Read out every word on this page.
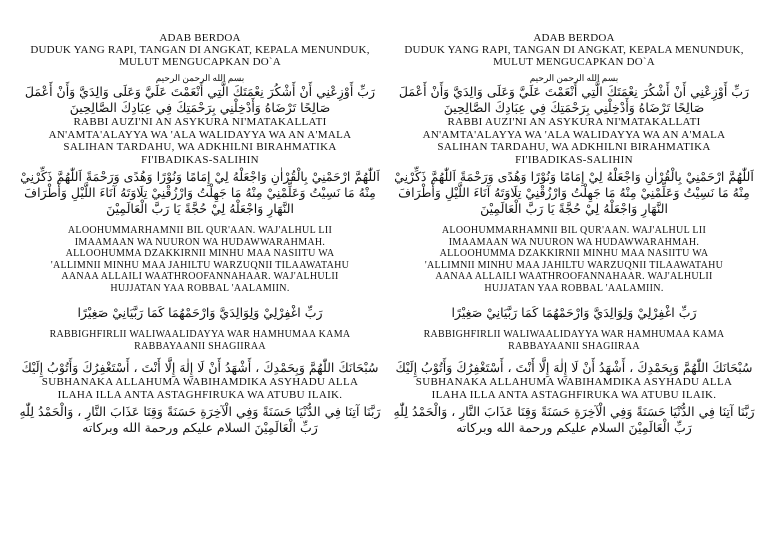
ADAB BERDOA
DUDUK YANG RAPI, TANGAN DI ANGKAT, KEPALA MENUNDUK,
MULUT MENGUCAPKAN DO`A
بسم الله الرحمن الرحيم
رَبِّ أَوْزِعْنِي أَنْ أَشْكُرَ نِعْمَتَكَ الَّتِي أَنْعَمْتَ عَلَيَّ وَعَلَى وَالِدَيَّ وَأَنْ أَعْمَلَ
صَالِحًا تَرْضَاهُ وَأَدْخِلْنِي بِرَحْمَتِكَ فِي عِبَادِكَ الصَّالِحِينَ
RABBI AUZI'NI AN ASYKURA NI'MATAKALLATI
AN'AMTA'ALAYYA WA 'ALA WALIDAYYA WA AN A'MALA
SALIHAN TARDAHU, WA ADKHILNI BIRAHMATIKA
FI'IBADIKAS-SALIHIN
اَللّٰهُمَّ ارْحَمْنِيْ بِالْقُرْاٰنِ وَاجْعَلْهُ لِيْ إِمَامًا وَنُوْرًا وَهُدًى وَرَحْمَةً اَللّٰهُمَّ ذَكِّرْنِيْ
مِنْهُ مَا نَسِيْتُ وَعَلِّمْنِيْ مِنْهُ مَا جَهِلْتُ وَارْزُقْنِيْ تِلَاوَتَهُ آنَاءَ اللَّيْلِ وَأَطْرَافَ
النَّهَارِ وَاجْعَلْهُ لِيْ حُجَّةً يَا رَبَّ الْعَالَمِيْنَ
ALOOHUMMARHAMNII BIL QUR'AAN. WAJ'ALHUL LII
IMAAMAAN WA NUURON WA HUDAWWARAHMAH.
ALLOOHUMMA DZAKKIRNII MINHU MAA NASIITU WA
'ALLIMNII MINHU MAA JAHILTU WARZUQNII TILAAWATAHU
AANAA ALLAILI WAATHROOFANNAHAAR. WAJ'ALHULII
HUJJATAN YAA ROBBAL 'AALAMIIN.
رَبِّ اغْفِرْلِيْ وَلِوَالِدَيَّ وَارْحَمْهُمَا كَمَا رَبَّيَانِيْ صَغِيْرًا
RABBIGHFIRLII WALIWAALIDAYYA WAR HAMHUMAA KAMA
RABBAYAANII SHAGIIRAA
سُبْحَانَكَ اللّٰهُمَّ وَبِحَمْدِكَ ، أَشْهَدُ أَنْ لَا إِلٰهَ إِلَّا أَنْتَ ، أَسْتَغْفِرُكَ وَأَتُوْبُ إِلَيْكَ
SUBHANAKA ALLAHUMA WABIHAMDIKA ASYHADU ALLA
ILAHA ILLA ANTA ASTAGHFIRUKA WA ATUBU ILAIK.
رَبَّنَا آتِنَا فِي الدُّنْيَا حَسَنَةً وَفِي الْآخِرَةِ حَسَنَةً وَقِنَا عَذَابَ النَّارِ ، وَالْحَمْدُ لِلّٰهِ
رَبِّ الْعَالَمِيْنَ السلام عليكم ورحمة الله وبركاته
ADAB BERDOA
DUDUK YANG RAPI, TANGAN DI ANGKAT, KEPALA MENUNDUK,
MULUT MENGUCAPKAN DO`A
بسم الله الرحمن الرحيم
رَبِّ أَوْزِعْنِي أَنْ أَشْكُرَ نِعْمَتَكَ الَّتِي أَنْعَمْتَ عَلَيَّ وَعَلَى وَالِدَيَّ وَأَنْ أَعْمَلَ
صَالِحًا تَرْضَاهُ وَأَدْخِلْنِي بِرَحْمَتِكَ فِي عِبَادِكَ الصَّالِحِينَ
RABBI AUZI'NI AN ASYKURA NI'MATAKALLATI
AN'AMTA'ALAYYA WA 'ALA WALIDAYYA WA AN A'MALA
SALIHAN TARDAHU, WA ADKHILNI BIRAHMATIKA
FI'IBADIKAS-SALIHIN
اَللّٰهُمَّ ارْحَمْنِيْ بِالْقُرْاٰنِ وَاجْعَلْهُ لِيْ إِمَامًا وَنُوْرًا وَهُدًى وَرَحْمَةً اَللّٰهُمَّ ذَكِّرْنِيْ
مِنْهُ مَا نَسِيْتُ وَعَلِّمْنِيْ مِنْهُ مَا جَهِلْتُ وَارْزُقْنِيْ تِلَاوَتَهُ آنَاءَ اللَّيْلِ وَأَطْرَافَ
النَّهَارِ وَاجْعَلْهُ لِيْ حُجَّةً يَا رَبَّ الْعَالَمِيْنَ
ALOOHUMMARHAMNII BIL QUR'AAN. WAJ'ALHUL LII
IMAAMAAN WA NUURON WA HUDAWWARAHMAH.
ALLOOHUMMA DZAKKIRNII MINHU MAA NASIITU WA
'ALLIMNII MINHU MAA JAHILTU WARZUQNII TILAAWATAHU
AANAA ALLAILI WAATHROOFANNAHAAR. WAJ'ALHULII
HUJJATAN YAA ROBBAL 'AALAMIIN.
رَبِّ اغْفِرْلِيْ وَلِوَالِدَيَّ وَارْحَمْهُمَا كَمَا رَبَّيَانِيْ صَغِيْرًا
RABBIGHFIRLII WALIWAALIDAYYA WAR HAMHUMAA KAMA
RABBAYAANII SHAGIIRAA
سُبْحَانَكَ اللّٰهُمَّ وَبِحَمْدِكَ ، أَشْهَدُ أَنْ لَا إِلٰهَ إِلَّا أَنْتَ ، أَسْتَغْفِرُكَ وَأَتُوْبُ إِلَيْكَ
SUBHANAKA ALLAHUMA WABIHAMDIKA ASYHADU ALLA
ILAHA ILLA ANTA ASTAGHFIRUKA WA ATUBU ILAIK.
رَبَّنَا آتِنَا فِي الدُّنْيَا حَسَنَةً وَفِي الْآخِرَةِ حَسَنَةً وَقِنَا عَذَابَ النَّارِ ، وَالْحَمْدُ لِلّٰهِ
رَبِّ الْعَالَمِيْنَ السلام عليكم ورحمة الله وبركاته
